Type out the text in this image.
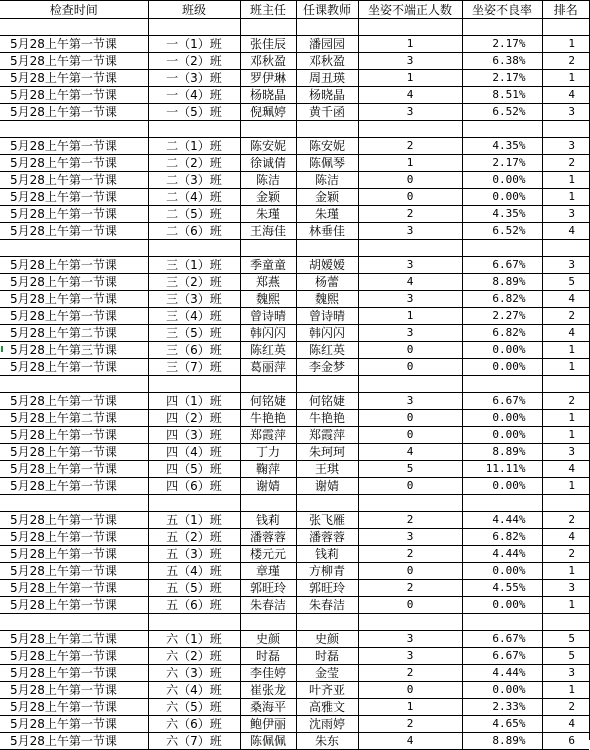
检查时间	班级	班主任	任课教师	坐姿不端正人数	坐姿不良率	排名

5月28上午第一节课	一（1）班	张佳辰	潘园园	1	2.17%	1
5月28上午第一节课	一（2）班	邓秋盈	邓秋盈	3	6.38%	2
5月28上午第一节课	一（3）班	罗伊琳	周丑瑛	1	2.17%	1
5月28上午第一节课	一（4）班	杨晓晶	杨晓晶	4	8.51%	4
5月28上午第一节课	一（5）班	倪珮婷	黄千函	3	6.52%	3

5月28上午第一节课	二（1）班	陈安妮	陈安妮	2	4.35%	3
5月28上午第一节课	二（2）班	徐诚倩	陈佩琴	1	2.17%	2
5月28上午第一节课	二（3）班	陈洁	陈洁	0	0.00%	1
5月28上午第一节课	二（4）班	金颖	金颖	0	0.00%	1
5月28上午第一节课	二（5）班	朱瑾	朱瑾	2	4.35%	3
5月28上午第一节课	二（6）班	王海佳	林垂佳	3	6.52%	4

5月28上午第一节课	三（1）班	季童童	胡嫒嫒	3	6.67%	3
5月28上午第一节课	三（2）班	郑燕	杨蕾	4	8.89%	5
5月28上午第一节课	三（3）班	魏熙	魏熙	3	6.82%	4
5月28上午第一节课	三（4）班	曾诗晴	曾诗晴	1	2.27%	2
5月28上午第二节课	三（5）班	韩闪闪	韩闪闪	3	6.82%	4
5月28上午第三节课	三（6）班	陈红英	陈红英	0	0.00%	1
5月28上午第一节课	三（7）班	葛丽萍	李金梦	0	0.00%	1

5月28上午第一节课	四（1）班	何铭婕	何铭婕	3	6.67%	2
5月28上午第二节课	四（2）班	牛艳艳	牛艳艳	0	0.00%	1
5月28上午第一节课	四（3）班	郑霞萍	郑霞萍	0	0.00%	1
5月28上午第一节课	四（4）班	丁力	朱珂珂	4	8.89%	3
5月28上午第一节课	四（5）班	鞠萍	王琪	5	11.11%	4
5月28上午第一节课	四（6）班	谢婧	谢婧	0	0.00%	1

5月28上午第一节课	五（1）班	钱莉	张飞雁	2	4.44%	2
5月28上午第一节课	五（2）班	潘蓉蓉	潘蓉蓉	3	6.82%	4
5月28上午第一节课	五（3）班	楼元元	钱莉	2	4.44%	2
5月28上午第一节课	五（4）班	章瑾	方柳青	0	0.00%	1
5月28上午第一节课	五（5）班	郭旺玲	郭旺玲	2	4.55%	3
5月28上午第一节课	五（6）班	朱春洁	朱春洁	0	0.00%	1

5月28上午第二节课	六（1）班	史颜	史颜	3	6.67%	5
5月28上午第一节课	六（2）班	时磊	时磊	3	6.67%	5
5月28上午第一节课	六（3）班	李佳婷	金莹	2	4.44%	3
5月28上午第一节课	六（4）班	崔张龙	叶齐亚	0	0.00%	1
5月28上午第一节课	六（5）班	桑海平	高雅文	1	2.33%	2
5月28上午第一节课	六（6）班	鲍伊丽	沈雨婷	2	4.65%	4
5月28上午第一节课	六（7）班	陈佩佩	朱东	4	8.89%	6
